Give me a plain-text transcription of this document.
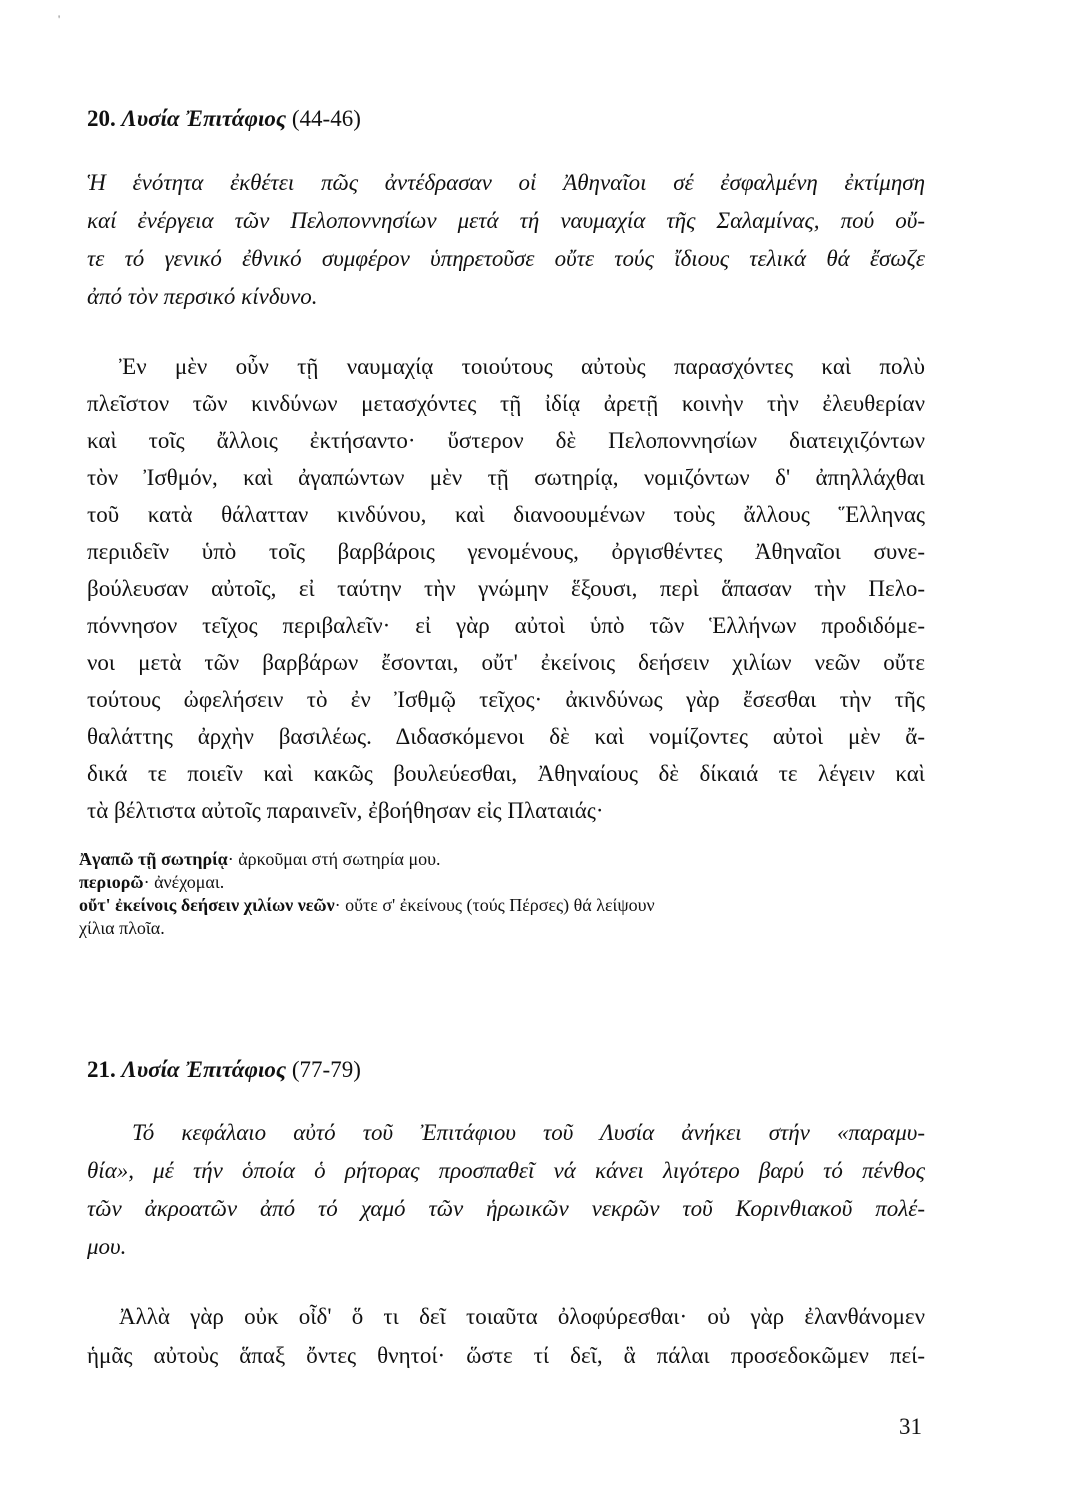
'
20. Λυσία Ἐπιτάφιος (44-46)
Ἡ ἑνότητα ἐκθέτει πῶς ἀντέδρασαν οἱ Ἀθηναῖοι σέ ἐσφαλμένη ἐκτίμηση
καί ἐνέργεια τῶν Πελοποννησίων μετά τή ναυμαχία τῆς Σαλαμίνας, πού οὔ-
τε τό γενικό ἐθνικό συμφέρον ὑπηρετοῦσε οὔτε τούς ἴδιους τελικά θά ἔσωζε
ἀπό τὸν περσικό κίνδυνο.
Ἐν μὲν οὖν τῇ ναυμαχίᾳ τοιούτους αὐτοὺς παρασχόντες καὶ πολὺ
πλεῖστον τῶν κινδύνων μετασχόντες τῇ ἰδίᾳ ἀρετῇ κοινὴν τὴν ἐλευθερίαν
καὶ τοῖς ἄλλοις ἐκτήσαντο· ὕστερον δὲ Πελοποννησίων διατειχιζόντων
τὸν Ἰσθμόν, καὶ ἀγαπώντων μὲν τῇ σωτηρίᾳ, νομιζόντων δ' ἀπηλλάχθαι
τοῦ κατὰ θάλατταν κινδύνου, καὶ διανοουμένων τοὺς ἄλλους Ἕλληνας
περιιδεῖν ὑπὸ τοῖς βαρβάροις γενομένους, ὀργισθέντες Ἀθηναῖοι συνε-
βούλευσαν αὐτοῖς, εἰ ταύτην τὴν γνώμην ἕξουσι, περὶ ἅπασαν τὴν Πελο-
πόννησον τεῖχος περιβαλεῖν· εἰ γὰρ αὐτοὶ ὑπὸ τῶν Ἑλλήνων προδιδόμε-
νοι μετὰ τῶν βαρβάρων ἔσονται, οὔτ' ἐκείνοις δεήσειν χιλίων νεῶν οὔτε
τούτους ὠφελήσειν τὸ ἐν Ἰσθμῷ τεῖχος· ἀκινδύνως γὰρ ἔσεσθαι τὴν τῆς
θαλάττης ἀρχὴν βασιλέως. Διδασκόμενοι δὲ καὶ νομίζοντες αὐτοὶ μὲν ἄ-
δικά τε ποιεῖν καὶ κακῶς βουλεύεσθαι, Ἀθηναίους δὲ δίκαιά τε λέγειν καὶ
τὰ βέλτιστα αὐτοῖς παραινεῖν, ἐβοήθησαν εἰς Πλαταιάς·
Ἀγαπῶ τῇ σωτηρίᾳ· ἀρκοῦμαι στή σωτηρία μου.
περιορῶ· ἀνέχομαι.
οὔτ' ἐκείνοις δεήσειν χιλίων νεῶν· οὔτε σ' ἐκείνους (τούς Πέρσες) θά λείψουν
χίλια πλοῖα.
21. Λυσία Ἐπιτάφιος (77-79)
Τό κεφάλαιο αὐτό τοῦ Ἐπιτάφιου τοῦ Λυσία ἀνήκει στήν «παραμυ-
θία», μέ τήν ὁποία ὁ ρήτορας προσπαθεῖ νά κάνει λιγότερο βαρύ τό πένθος
τῶν ἀκροατῶν ἀπό τό χαμό τῶν ἡρωικῶν νεκρῶν τοῦ Κορινθιακοῦ πολέ-
μου.
Ἀλλὰ γὰρ οὐκ οἶδ' ὅ τι δεῖ τοιαῦτα ὀλοφύρεσθαι· οὐ γὰρ ἐλανθάνομεν
ἡμᾶς αὐτοὺς ἅπαξ ὄντες θνητοί· ὥστε τί δεῖ, ἃ πάλαι προσεδοκῶμεν πεί-
31
